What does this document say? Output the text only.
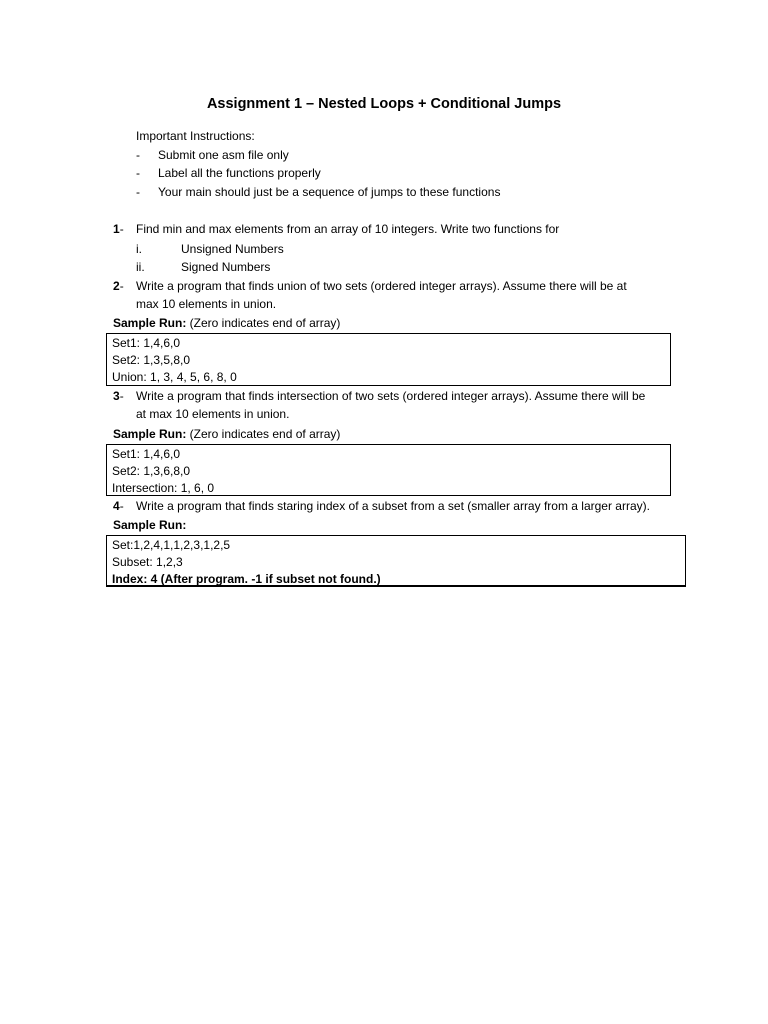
Assignment 1 – Nested Loops + Conditional Jumps
Important Instructions:
- Submit one asm file only
- Label all the functions properly
- Your main should just be a sequence of jumps to these functions
1- Find min and max elements from an array of 10 integers. Write two functions for
i.	Unsigned Numbers
ii.	Signed Numbers
2- Write a program that finds union of two sets (ordered integer arrays). Assume there will be at
max 10 elements in union.
Sample Run: (Zero indicates end of array)
Set1: 1,4,6,0
Set2: 1,3,5,8,0
Union: 1, 3, 4, 5, 6, 8, 0
3- Write a program that finds intersection of two sets (ordered integer arrays). Assume there will be
at max 10 elements in union.
Sample Run: (Zero indicates end of array)
Set1: 1,4,6,0
Set2: 1,3,6,8,0
Intersection: 1, 6, 0
4- Write a program that finds staring index of a subset from a set (smaller array from a larger array).
Sample Run:
Set:1,2,4,1,1,2,3,1,2,5
Subset: 1,2,3
Index: 4 (After program. -1 if subset not found.)
